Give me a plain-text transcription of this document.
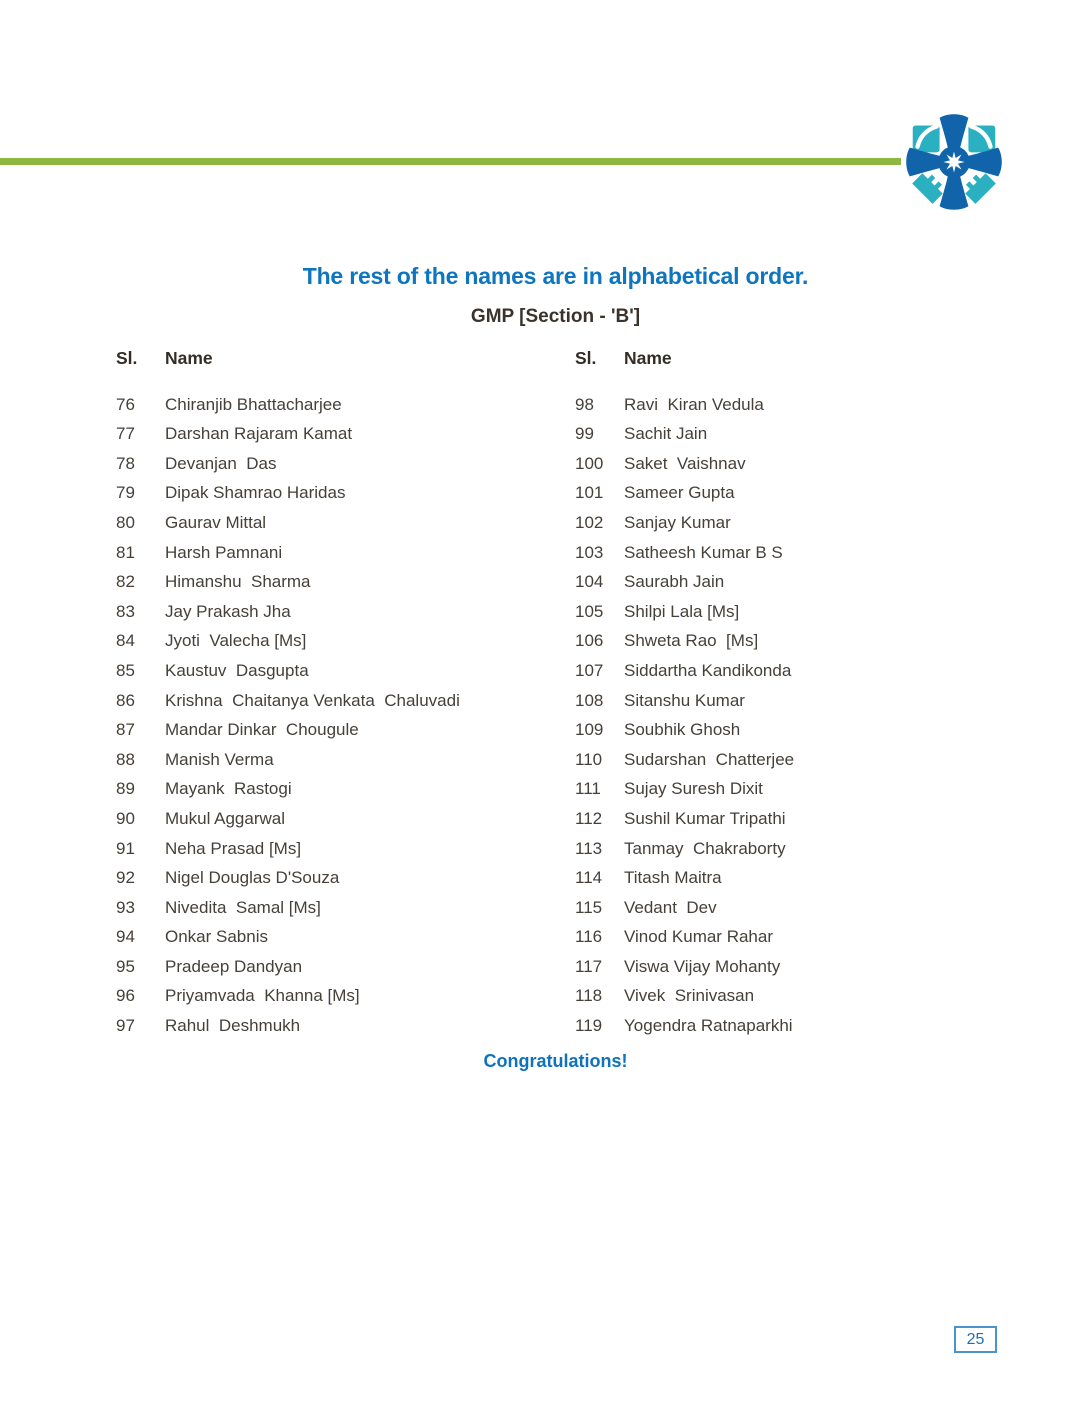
The rest of the names are in alphabetical order.
GMP [Section - 'B']
Sl.	Name
76	Chiranjib Bhattacharjee
77	Darshan Rajaram Kamat
78	Devanjan  Das
79	Dipak Shamrao Haridas
80	Gaurav Mittal
81	Harsh Pamnani
82	Himanshu  Sharma
83	Jay Prakash Jha
84	Jyoti  Valecha [Ms]
85	Kaustuv  Dasgupta
86	Krishna  Chaitanya Venkata  Chaluvadi
87	Mandar Dinkar  Chougule
88	Manish Verma
89	Mayank  Rastogi
90	Mukul Aggarwal
91	Neha Prasad [Ms]
92	Nigel Douglas D'Souza
93	Nivedita  Samal [Ms]
94	Onkar Sabnis
95	Pradeep Dandyan
96	Priyamvada  Khanna [Ms]
97	Rahul  Deshmukh
Sl.	Name
98	Ravi  Kiran Vedula
99	Sachit Jain
100	Saket  Vaishnav
101	Sameer Gupta
102	Sanjay Kumar
103	Satheesh Kumar B S
104	Saurabh Jain
105	Shilpi Lala [Ms]
106	Shweta Rao  [Ms]
107	Siddartha Kandikonda
108	Sitanshu Kumar
109	Soubhik Ghosh
110	Sudarshan  Chatterjee
111	Sujay Suresh Dixit
112	Sushil Kumar Tripathi
113	Tanmay  Chakraborty
114	Titash Maitra
115	Vedant  Dev
116	Vinod Kumar Rahar
117	Viswa Vijay Mohanty
118	Vivek  Srinivasan
119	Yogendra Ratnaparkhi
Congratulations!
25
